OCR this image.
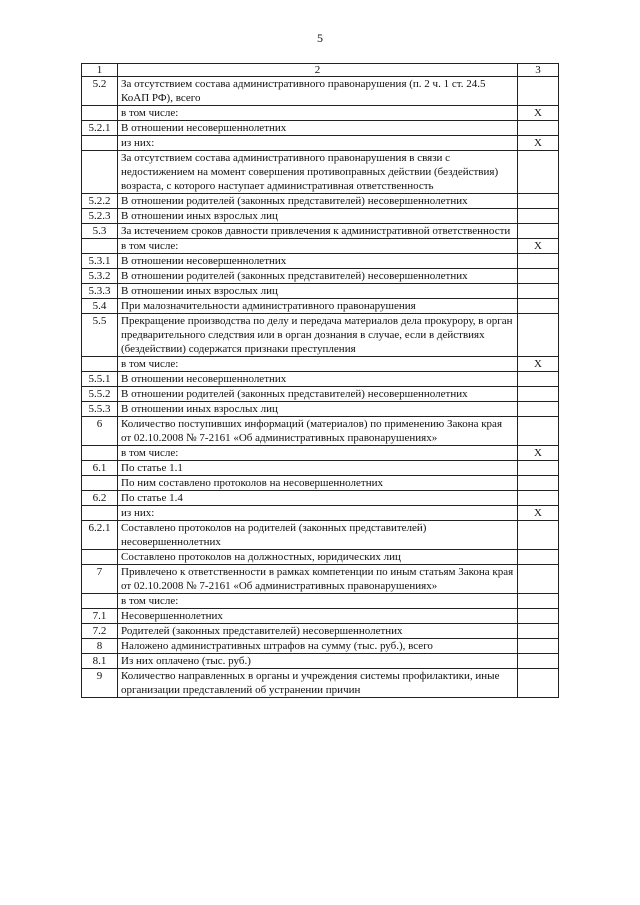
5
1	2	3
5.2	За отсутствием состава административного правонарушения (п. 2 ч. 1 ст. 24.5 КоАП РФ), всего	
	в том числе:	X
5.2.1	В отношении несовершеннолетних	
	из них:	X
	За отсутствием состава административного правонарушения в связи с недостижением на момент совершения противоправных действии (бездействия) возраста, с которого наступает административная ответственность	
5.2.2	В отношении родителей (законных представителей) несовершеннолетних	
5.2.3	В отношении иных взрослых лиц	
5.3	За истечением сроков давности привлечения к административной ответственности	
	в том числе:	X
5.3.1	В отношении несовершеннолетних	
5.3.2	В отношении родителей (законных представителей) несовершеннолетних	
5.3.3	В отношении иных взрослых лиц	
5.4	При малозначительности административного правонарушения	
5.5	Прекращение производства по делу и передача материалов дела прокурору, в орган предварительного следствия или в орган дознания в случае, если в действиях (бездействии) содержатся признаки преступления	
	в том числе:	X
5.5.1	В отношении несовершеннолетних	
5.5.2	В отношении родителей (законных представителей) несовершеннолетних	
5.5.3	В отношении иных взрослых лиц	
6	Количество поступивших информаций (материалов) по применению Закона края от 02.10.2008 № 7-2161 «Об административных правонарушениях»	
	в том числе:	X
6.1	По статье 1.1	
	По ним составлено протоколов на несовершеннолетних	
6.2	По статье 1.4	
	из них:	X
6.2.1	Составлено протоколов на родителей (законных представителей) несовершеннолетних	
	Составлено протоколов на должностных, юридических лиц	
7	Привлечено к ответственности в рамках компетенции по иным статьям Закона края от 02.10.2008 № 7-2161 «Об административных правонарушениях»	
	в том числе:	
7.1	Несовершеннолетних	
7.2	Родителей (законных представителей) несовершеннолетних	
8	Наложено административных штрафов на сумму (тыс. руб.), всего	
8.1	Из них оплачено (тыс. руб.)	
9	Количество направленных в органы и учреждения системы профилактики, иные организации представлений об устранении причин	
